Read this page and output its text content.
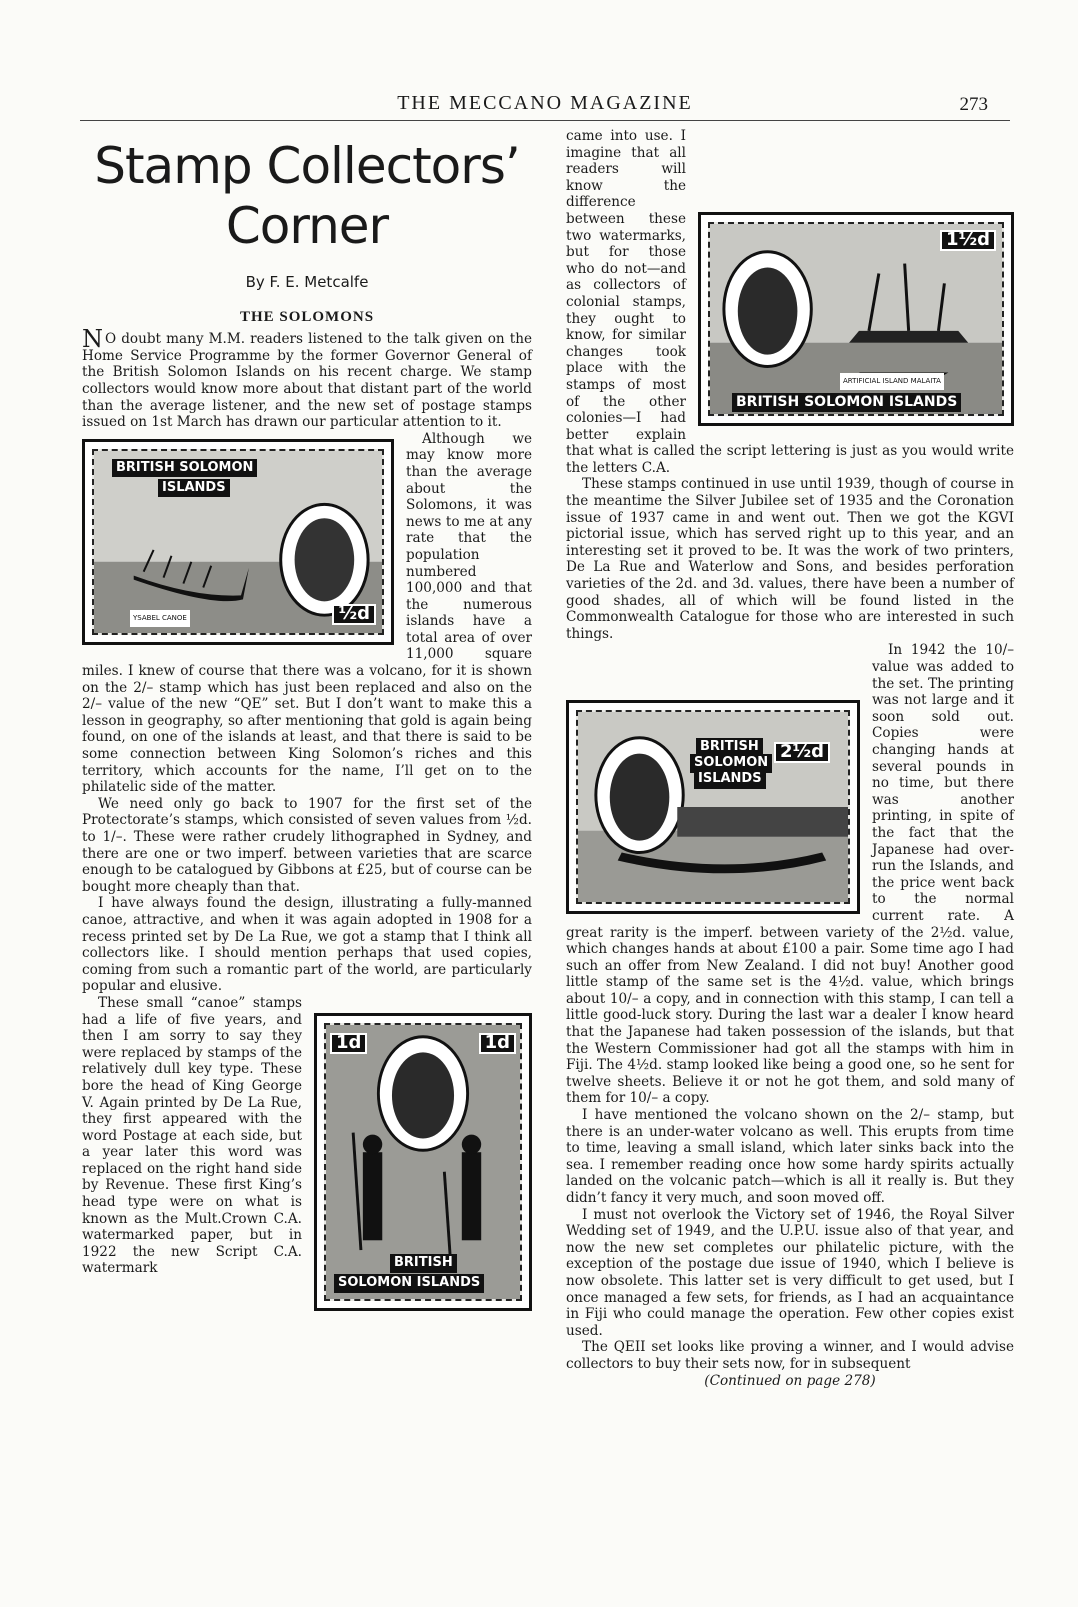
THE MECCANO MAGAZINE	273
Stamp Collectors’
Corner
By F. E. Metcalfe
THE SOLOMONS

N O doubt many M.M. readers listened to the talk given on the Home Service Programme by the former Governor General of the British Solomon Islands on his recent charge. We stamp collectors would know more about that distant part of the world than the average listener, and the new set of postage stamps issued on 1st March has drawn our particular attention to it.

BRITISH SOLOMON
ISLANDS
½d
YSABEL CANOE

Although we may know more than the average about the Solomons, it was news to me at any rate that the population numbered 100,000 and that the numerous islands have a total area of over 11,000 square miles. I knew of course that there was a volcano, for it is shown on the 2/– stamp which has just been replaced and also on the 2/– value of the new “QE” set. But I don’t want to make this a lesson in geography, so after mentioning that gold is again being found, on one of the islands at least, and that there is said to be some connection between King Solomon’s riches and this territory, which accounts for the name, I’ll get on to the philatelic side of the matter.

We need only go back to 1907 for the first set of the Protectorate’s stamps, which consisted of seven values from ½d. to 1/–. These were rather crudely lithographed in Sydney, and there are one or two imperf. between varieties that are scarce enough to be catalogued by Gibbons at £25, but of course can be bought more cheaply than that.

I have always found the design, illustrating a fully-manned canoe, attractive, and when it was again adopted in 1908 for a recess printed set by De La Rue, we got a stamp that I think all collectors like. I should mention perhaps that used copies, coming from such a romantic part of the world, are particularly popular and elusive.

1d	1d
BRITISH
SOLOMON ISLANDS

These small “canoe” stamps had a life of five years, and then I am sorry to say they were replaced by stamps of the relatively dull key type. These bore the head of King George V. Again printed by De La Rue, they first appeared with the word Postage at each side, but a year later this word was replaced on the right hand side by Revenue. These first King’s head type were on what is known as the Mult.Crown C.A. watermarked paper, but in 1922 the new Script C.A. watermark

1½d
ARTIFICIAL ISLAND MALAITA
BRITISH SOLOMON ISLANDS

came into use. I imagine that all readers will know the difference between these two watermarks, but for those who do not—and as collectors of colonial stamps, they ought to know, for similar changes took place with the stamps of most of the other colonies—I had better explain that what is called the script lettering is just as you would write the letters C.A.

These stamps continued in use until 1939, though of course in the meantime the Silver Jubilee set of 1935 and the Coronation issue of 1937 came in and went out. Then we got the KGVI pictorial issue, which has served right up to this year, and an interesting set it proved to be. It was the work of two printers, De La Rue and Waterlow and Sons, and besides perforation varieties of the 2d. and 3d. values, there have been a number of good shades, all of which will be found listed in the Commonwealth Catalogue for those who are interested in such things.

BRITISH
SOLOMON
ISLANDS
2½d

In 1942 the 10/– value was added to the set. The printing was not large and it soon sold out. Copies were changing hands at several pounds in no time, but there was another printing, in spite of the fact that the Japanese had over-run the Islands, and the price went back to the normal current rate. A great rarity is the imperf. between variety of the 2½d. value, which changes hands at about £100 a pair. Some time ago I had such an offer from New Zealand. I did not buy! Another good little stamp of the same set is the 4½d. value, which brings about 10/– a copy, and in connection with this stamp, I can tell a little good-luck story. During the last war a dealer I know heard that the Japanese had taken possession of the islands, but that the Western Commissioner had got all the stamps with him in Fiji. The 4½d. stamp looked like being a good one, so he sent for twelve sheets. Believe it or not he got them, and sold many of them for 10/– a copy.

I have mentioned the volcano shown on the 2/– stamp, but there is an under-water volcano as well. This erupts from time to time, leaving a small island, which later sinks back into the sea. I remember reading once how some hardy spirits actually landed on the volcanic patch—which is all it really is. But they didn’t fancy it very much, and soon moved off.

I must not overlook the Victory set of 1946, the Royal Silver Wedding set of 1949, and the U.P.U. issue also of that year, and now the new set completes our philatelic picture, with the exception of the postage due issue of 1940, which I believe is now obsolete. This latter set is very difficult to get used, but I once managed a few sets, for friends, as I had an acquaintance in Fiji who could manage the operation. Few other copies exist used.

The QEII set looks like proving a winner, and I would advise collectors to buy their sets now, for in subsequent

(Continued on page 278)
